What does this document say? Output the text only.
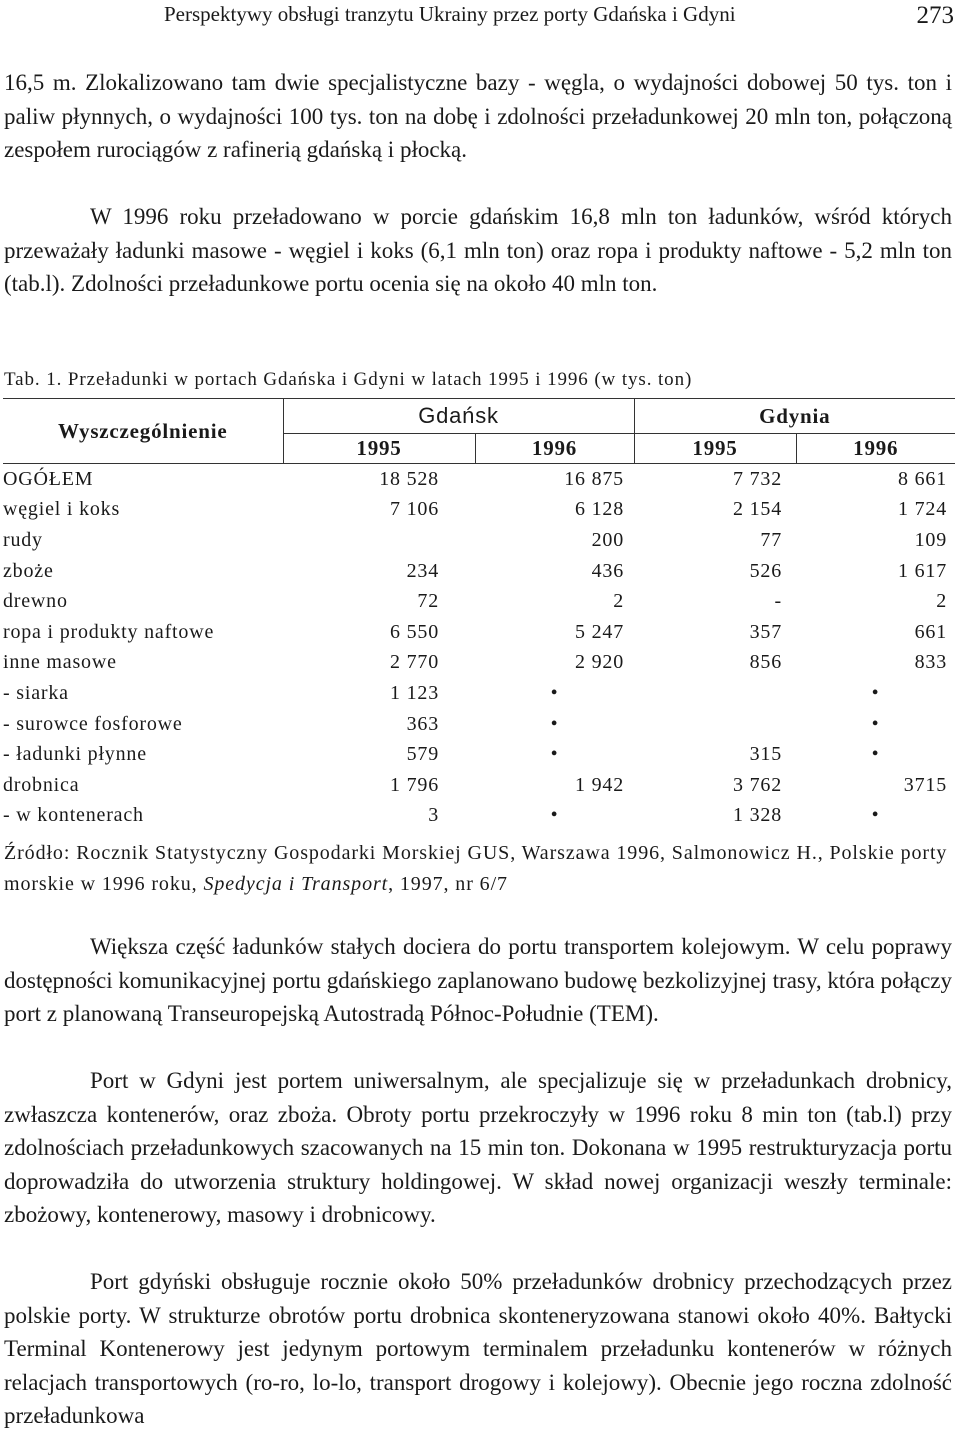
Perspektywy obsługi tranzytu Ukrainy przez porty Gdańska i Gdyni	273

16,5 m. Zlokalizowano tam dwie specjalistyczne bazy - węgla, o wydajności dobowej 50 tys. ton i paliw płynnych, o wydajności 100 tys. ton na dobę i zdolności przeładunkowej 20 mln ton, połączoną zespołem rurociągów z rafinerią gdańską i płocką.

W 1996 roku przeładowano w porcie gdańskim 16,8 mln ton ładunków, wśród których przeważały ładunki masowe - węgiel i koks (6,1 mln ton) oraz ropa i produkty naftowe - 5,2 mln ton (tab.l). Zdolności przeładunkowe portu ocenia się na około 40 mln ton.

Tab. 1. Przeładunki w portach Gdańska i Gdyni w latach 1995 i 1996 (w tys. ton)
Wyszczególnienie	Gdańsk		Gdynia	
	1995	1996	1995	1996
OGÓŁEM	18 528	16 875	7 732	8 661
węgiel i koks	7 106	6 128	2 154	1 724
rudy		200	77	109
zboże	234	436	526	1 617
drewno	72	2	-	2
ropa i produkty naftowe	6 550	5 247	357	661
inne masowe	2 770	2 920	856	833
- siarka	1 123	•		•
- surowce fosforowe	363	•		•
- ładunki płynne	579	•	315	•
drobnica	1 796	1 942	3 762	3715
- w kontenerach	3	•	1 328	•

Źródło: Rocznik Statystyczny Gospodarki Morskiej GUS, Warszawa 1996, Salmonowicz H., Polskie porty morskie w 1996 roku, Spedycja i Transport, 1997, nr 6/7

Większa część ładunków stałych dociera do portu transportem kolejowym. W celu poprawy dostępności komunikacyjnej portu gdańskiego zaplanowano budowę bezkolizyjnej trasy, która połączy port z planowaną Transeuropejską Autostradą Północ-Południe (TEM).

Port w Gdyni jest portem uniwersalnym, ale specjalizuje się w przeładunkach drobnicy, zwłaszcza kontenerów, oraz zboża. Obroty portu przekroczyły w 1996 roku 8 min ton (tab.l) przy zdolnościach przeładunkowych szacowanych na 15 min ton. Dokonana w 1995 restrukturyzacja portu doprowadziła do utworzenia struktury holdingowej. W skład nowej organizacji weszły terminale: zbożowy, kontenerowy, masowy i drobnicowy.

Port gdyński obsługuje rocznie około 50% przeładunków drobnicy przechodzących przez polskie porty. W strukturze obrotów portu drobnica skonteneryzowana stanowi około 40%. Bałtycki Terminal Kontenerowy jest jedynym portowym terminalem przeładunku kontenerów w różnych relacjach transportowych (ro-ro, lo-lo, transport drogowy i kolejowy). Obecnie jego roczna zdolność przeładunkowa
